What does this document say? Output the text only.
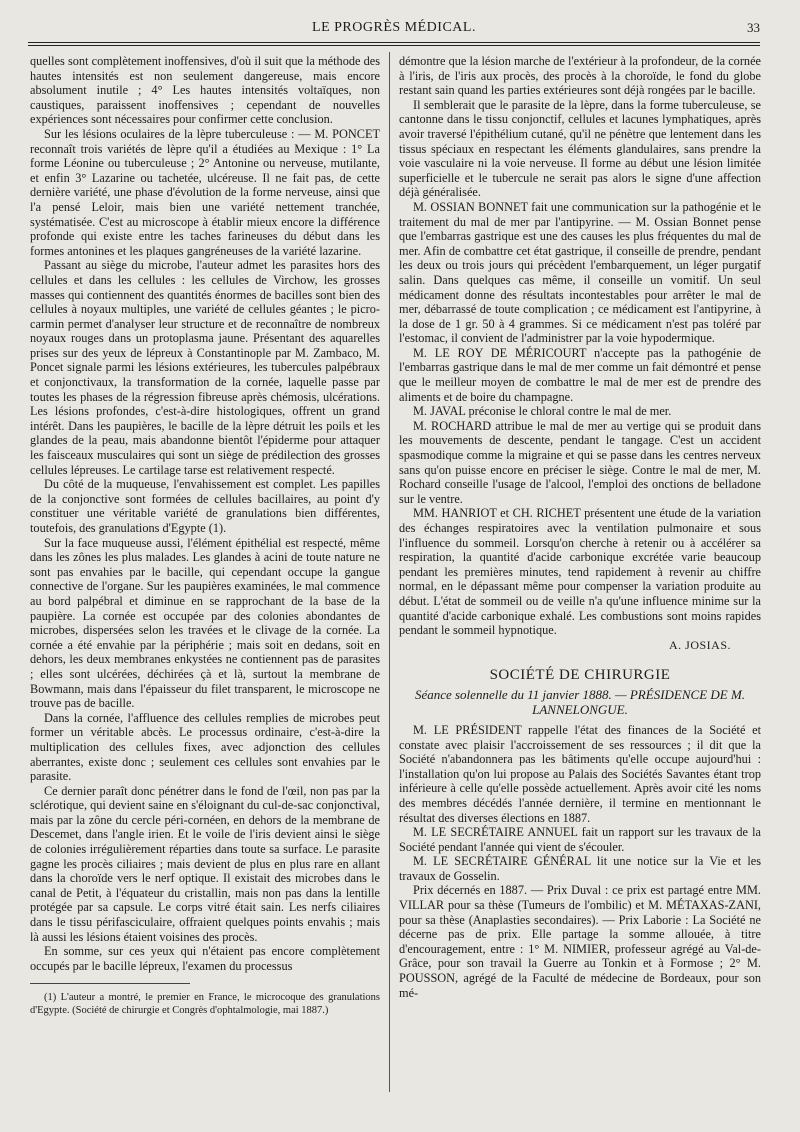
LE PROGRÈS MÉDICAL.	33

quelles sont complètement inoffensives, d'où il suit que la méthode des hautes intensités est non seulement dangereuse, mais encore absolument inutile ; 4° Les hautes intensités voltaïques, non caustiques, paraissent inoffensives ; cependant de nouvelles expériences sont nécessaires pour confirmer cette conclusion.

Sur les lésions oculaires de la lèpre tuberculeuse : — M. PONCET reconnaît trois variétés de lèpre qu'il a étudiées au Mexique : 1° La forme Léonine ou tuberculeuse ; 2° Antonine ou nerveuse, mutilante, et enfin 3° Lazarine ou tachetée, ulcéreuse. Il ne fait pas, de cette dernière variété, une phase d'évolution de la forme nerveuse, ainsi que l'a pensé Leloir, mais bien une variété nettement tranchée, systématisée. C'est au microscope à établir mieux encore la différence profonde qui existe entre les taches farineuses du début dans les formes antonines et les plaques gangréneuses de la variété lazarine.

Passant au siège du microbe, l'auteur admet les parasites hors des cellules et dans les cellules : les cellules de Virchow, les grosses masses qui contiennent des quantités énormes de bacilles sont bien des cellules à noyaux multiples, une variété de cellules géantes ; le picro-carmin permet d'analyser leur structure et de reconnaître de nombreux noyaux rouges dans un protoplasma jaune. Présentant des aquarelles prises sur des yeux de lépreux à Constantinople par M. Zambaco, M. Poncet signale parmi les lésions extérieures, les tubercules palpébraux et conjonctivaux, la transformation de la cornée, laquelle passe par toutes les phases de la régression fibreuse après chémosis, ulcérations. Les lésions profondes, c'est-à-dire histologiques, offrent un grand intérêt. Dans les paupières, le bacille de la lèpre détruit les poils et les glandes de la peau, mais abandonne bientôt l'épiderme pour attaquer les faisceaux musculaires qui sont un siège de prédilection des grosses cellules lépreuses. Le cartilage tarse est relativement respecté.

Du côté de la muqueuse, l'envahissement est complet. Les papilles de la conjonctive sont formées de cellules bacillaires, au point d'y constituer une véritable variété de granulations bien différentes, toutefois, des granulations d'Egypte (1).

Sur la face muqueuse aussi, l'élément épithélial est respecté, même dans les zônes les plus malades. Les glandes à acini de toute nature ne sont pas envahies par le bacille, qui cependant occupe la gangue connective de l'organe. Sur les paupières examinées, le mal commence au bord palpébral et diminue en se rapprochant de la base de la paupière. La cornée est occupée par des colonies abondantes de microbes, dispersées selon les travées et le clivage de la cornée. La cornée a été envahie par la périphérie ; mais soit en dedans, soit en dehors, les deux membranes enkystées ne contiennent pas de parasites ; elles sont ulcérées, déchirées çà et là, surtout la membrane de Bowmann, mais dans l'épaisseur du filet transparent, le microscope ne trouve pas de bacille.

Dans la cornée, l'affluence des cellules remplies de microbes peut former un véritable abcès. Le processus ordinaire, c'est-à-dire la multiplication des cellules fixes, avec adjonction des cellules aberrantes, existe donc ; seulement ces cellules sont envahies par le parasite.

Ce dernier paraît donc pénétrer dans le fond de l'œil, non pas par la sclérotique, qui devient saine en s'éloignant du cul-de-sac conjonctival, mais par la zône du cercle péri-cornéen, en dehors de la membrane de Descemet, dans l'angle irien. Et le voile de l'iris devient ainsi le siège de colonies irrégulièrement réparties dans toute sa surface. Le parasite gagne les procès ciliaires ; mais devient de plus en plus rare en allant dans la choroïde vers le nerf optique. Il existait des microbes dans le canal de Petit, à l'équateur du cristallin, mais non pas dans la lentille protégée par sa capsule. Le corps vitré était sain. Les nerfs ciliaires dans le tissu périfasciculaire, offraient quelques points envahis ; mais là aussi les lésions étaient voisines des procès.

En somme, sur ces yeux qui n'étaient pas encore complètement occupés par le bacille lépreux, l'examen du processus

(1) L'auteur a montré, le premier en France, le microcoque des granulations d'Egypte. (Société de chirurgie et Congrès d'ophtalmologie, mai 1887.)

démontre que la lésion marche de l'extérieur à la profondeur, de la cornée à l'iris, de l'iris aux procès, des procès à la choroïde, le fond du globe restant sain quand les parties extérieures sont déjà rongées par le bacille.

Il semblerait que le parasite de la lèpre, dans la forme tuberculeuse, se cantonne dans le tissu conjonctif, cellules et lacunes lymphatiques, après avoir traversé l'épithélium cutané, qu'il ne pénètre que lentement dans les tissus spéciaux en respectant les éléments glandulaires, sans prendre la voie vasculaire ni la voie nerveuse. Il forme au début une lésion limitée superficielle et le tubercule ne serait pas alors le signe d'une affection déjà généralisée.

M. OSSIAN BONNET fait une communication sur la pathogénie et le traitement du mal de mer par l'antipyrine. — M. Ossian Bonnet pense que l'embarras gastrique est une des causes les plus fréquentes du mal de mer. Afin de combattre cet état gastrique, il conseille de prendre, pendant les deux ou trois jours qui précèdent l'embarquement, un léger purgatif salin. Dans quelques cas même, il conseille un vomitif. Un seul médicament donne des résultats incontestables pour arrêter le mal de mer, débarrassé de toute complication ; ce médicament est l'antipyrine, à la dose de 1 gr. 50 à 4 grammes. Si ce médicament n'est pas toléré par l'estomac, il convient de l'administrer par la voie hypodermique.

M. LE ROY DE MÉRICOURT n'accepte pas la pathogénie de l'embarras gastrique dans le mal de mer comme un fait démontré et pense que le meilleur moyen de combattre le mal de mer est de prendre des aliments et de boire du champagne.

M. JAVAL préconise le chloral contre le mal de mer.

M. ROCHARD attribue le mal de mer au vertige qui se produit dans les mouvements de descente, pendant le tangage. C'est un accident spasmodique comme la migraine et qui se passe dans les centres nerveux sans qu'on puisse encore en préciser le siège. Contre le mal de mer, M. Rochard conseille l'usage de l'alcool, l'emploi des onctions de belladone sur le ventre.

MM. HANRIOT et CH. RICHET présentent une étude de la variation des échanges respiratoires avec la ventilation pulmonaire et sous l'influence du sommeil. Lorsqu'on cherche à retenir ou à accélérer sa respiration, la quantité d'acide carbonique excrétée varie beaucoup pendant les premières minutes, tend rapidement à revenir au chiffre normal, en le dépassant même pour compenser la variation produite au début. L'état de sommeil ou de veille n'a qu'une influence minime sur la quantité d'acide carbonique exhalé. Les combustions sont moins rapides pendant le sommeil hypnotique.

A. JOSIAS.
SOCIÉTÉ DE CHIRURGIE
Séance solennelle du 11 janvier 1888. — PRÉSIDENCE DE M. LANNELONGUE.

M. LE PRÉSIDENT rappelle l'état des finances de la Société et constate avec plaisir l'accroissement de ses ressources ; il dit que la Société n'abandonnera pas les bâtiments qu'elle occupe aujourd'hui : l'installation qu'on lui propose au Palais des Sociétés Savantes étant trop inférieure à celle qu'elle possède actuellement. Après avoir cité les noms des membres décédés l'année dernière, il termine en mentionnant le résultat des diverses élections en 1887.

M. LE SECRÉTAIRE ANNUEL fait un rapport sur les travaux de la Société pendant l'année qui vient de s'écouler.

M. LE SECRÉTAIRE GÉNÉRAL lit une notice sur la Vie et les travaux de Gosselin.

Prix décernés en 1887. — Prix Duval : ce prix est partagé entre MM. VILLAR pour sa thèse (Tumeurs de l'ombilic) et M. MÉTAXAS-ZANI, pour sa thèse (Anaplasties secondaires). — Prix Laborie : La Société ne décerne pas de prix. Elle partage la somme allouée, à titre d'encouragement, entre : 1° M. NIMIER, professeur agrégé au Val-de-Grâce, pour son travail la Guerre au Tonkin et à Formose ; 2° M. POUSSON, agrégé de la Faculté de médecine de Bordeaux, pour son mé-
